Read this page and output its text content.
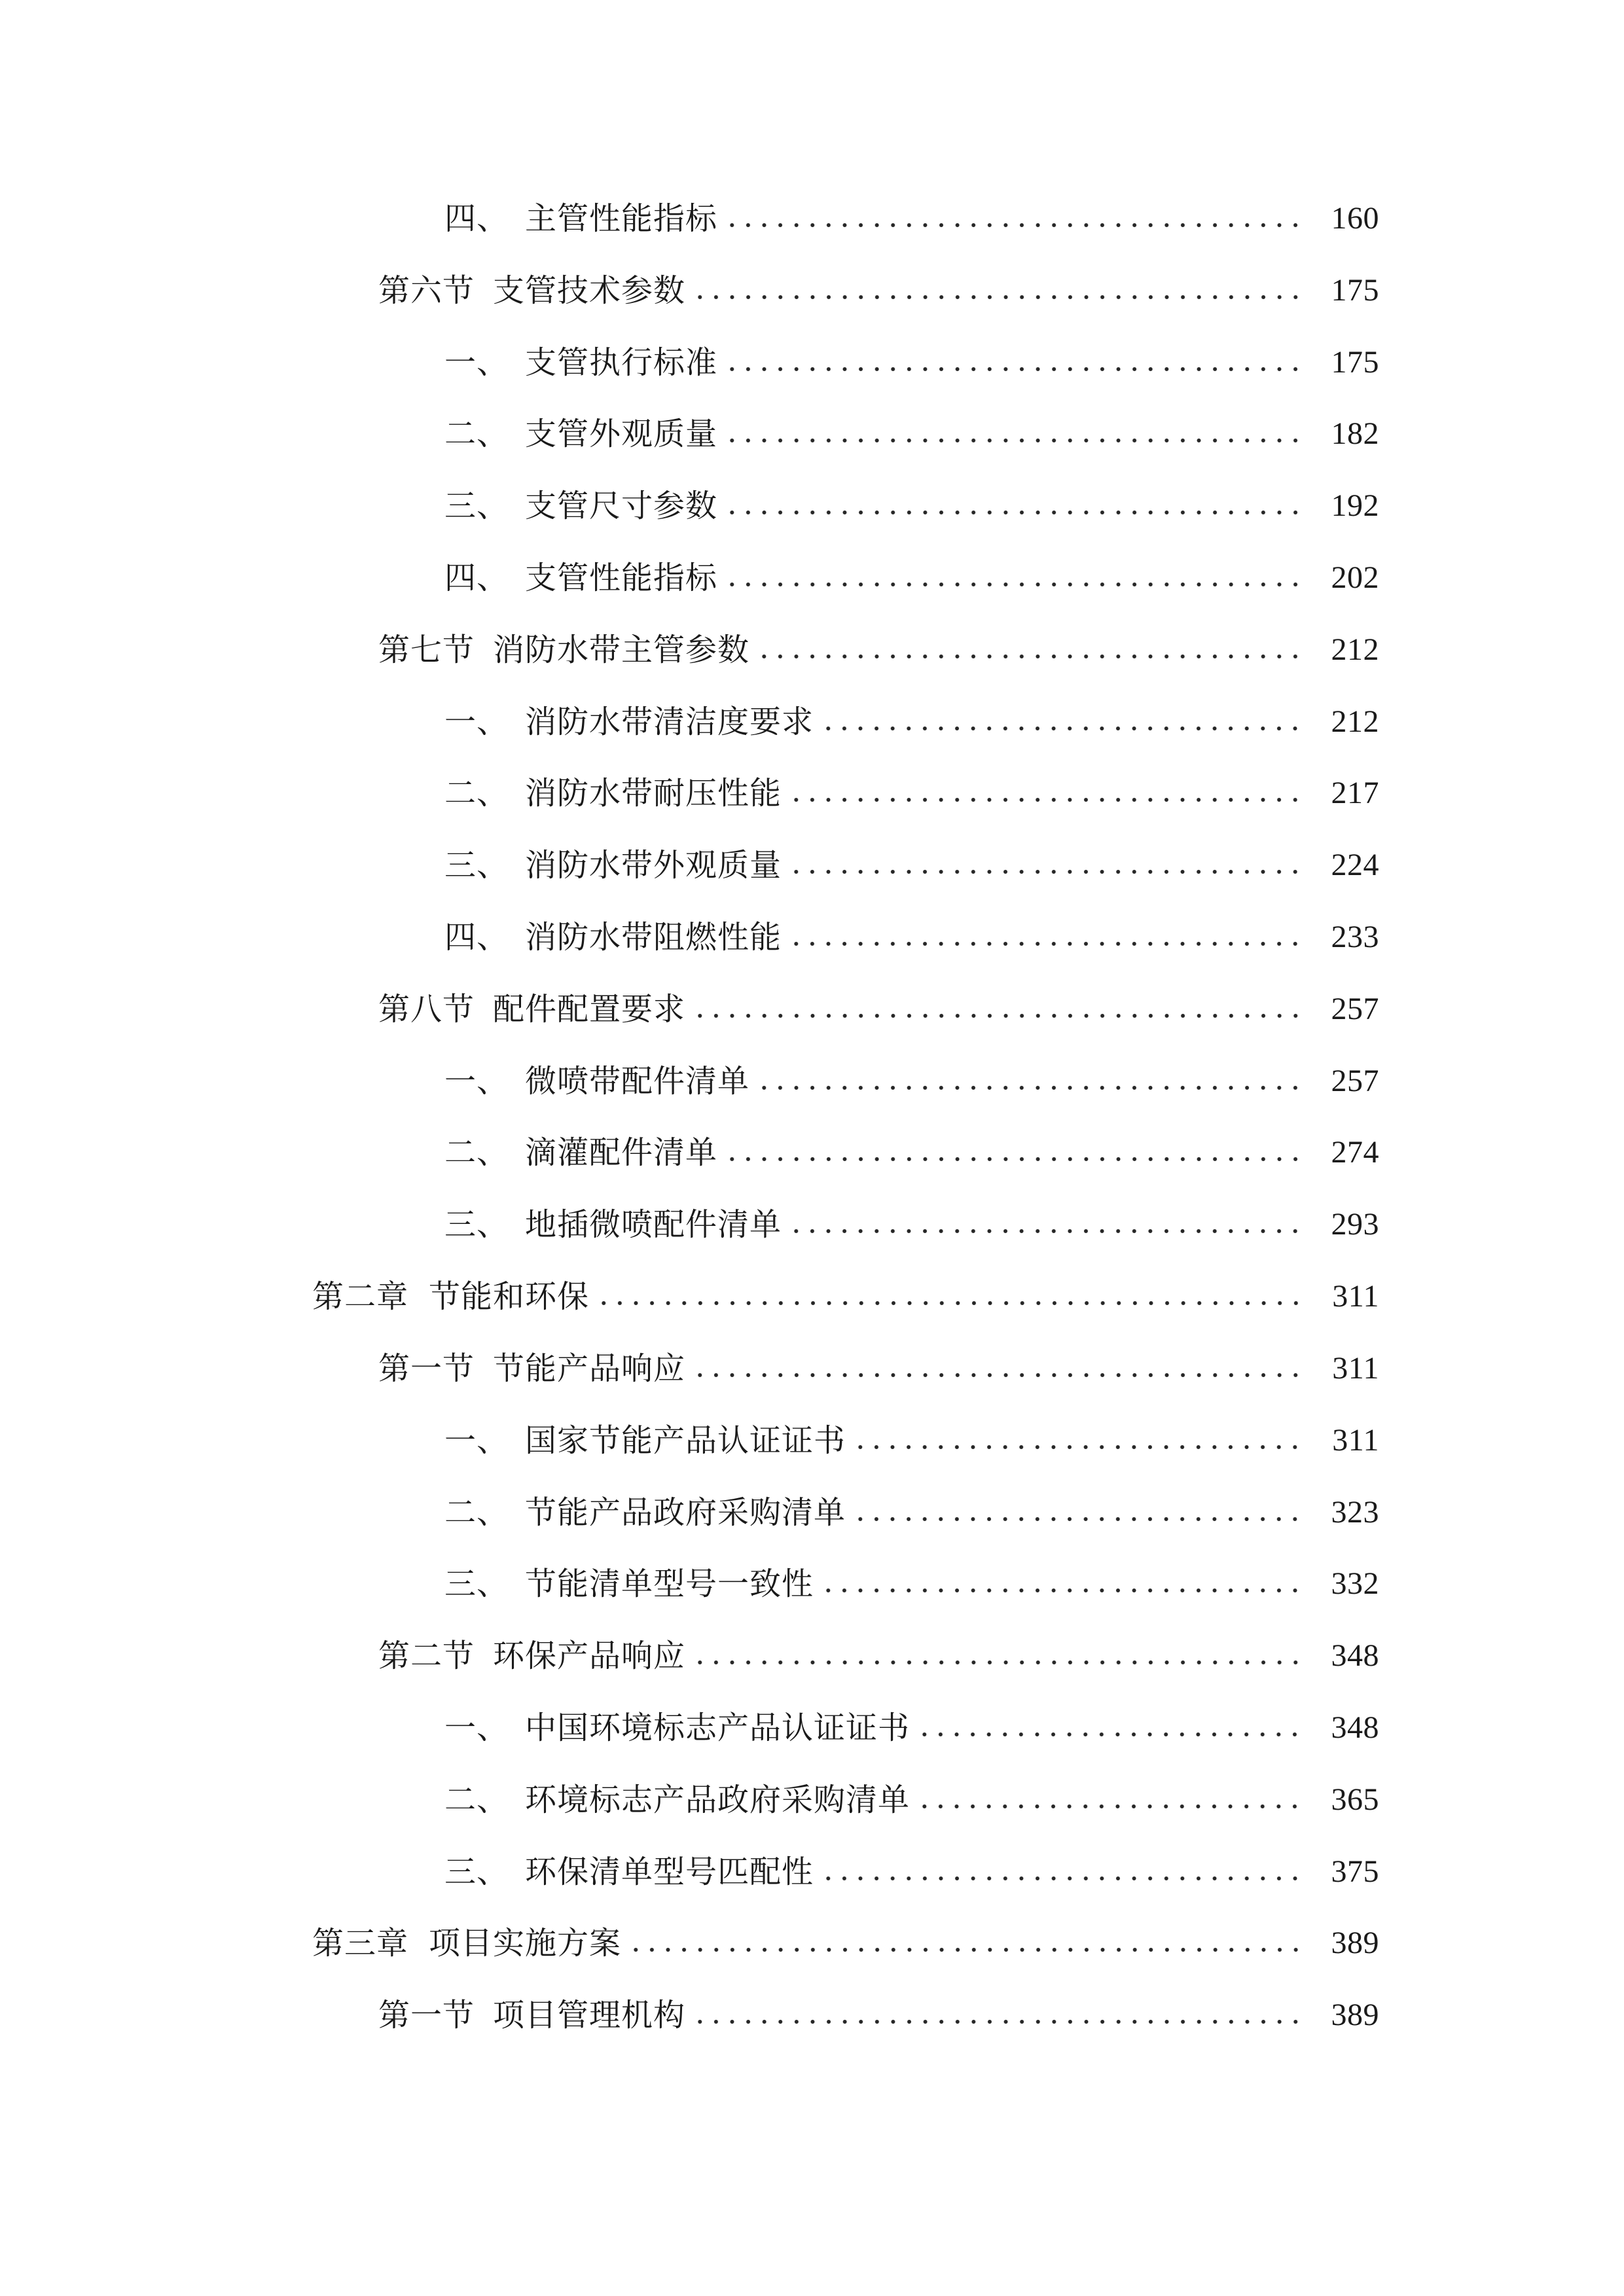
四、 主管性能指标	160
第六节 支管技术参数	175
一、 支管执行标准	175
二、 支管外观质量	182
三、 支管尺寸参数	192
四、 支管性能指标	202
第七节 消防水带主管参数	212
一、 消防水带清洁度要求	212
二、 消防水带耐压性能	217
三、 消防水带外观质量	224
四、 消防水带阻燃性能	233
第八节 配件配置要求	257
一、 微喷带配件清单	257
二、 滴灌配件清单	274
三、 地插微喷配件清单	293
第二章 节能和环保	311
第一节 节能产品响应	311
一、 国家节能产品认证证书	311
二、 节能产品政府采购清单	323
三、 节能清单型号一致性	332
第二节 环保产品响应	348
一、 中国环境标志产品认证证书	348
二、 环境标志产品政府采购清单	365
三、 环保清单型号匹配性	375
第三章 项目实施方案	389
第一节 项目管理机构	389
